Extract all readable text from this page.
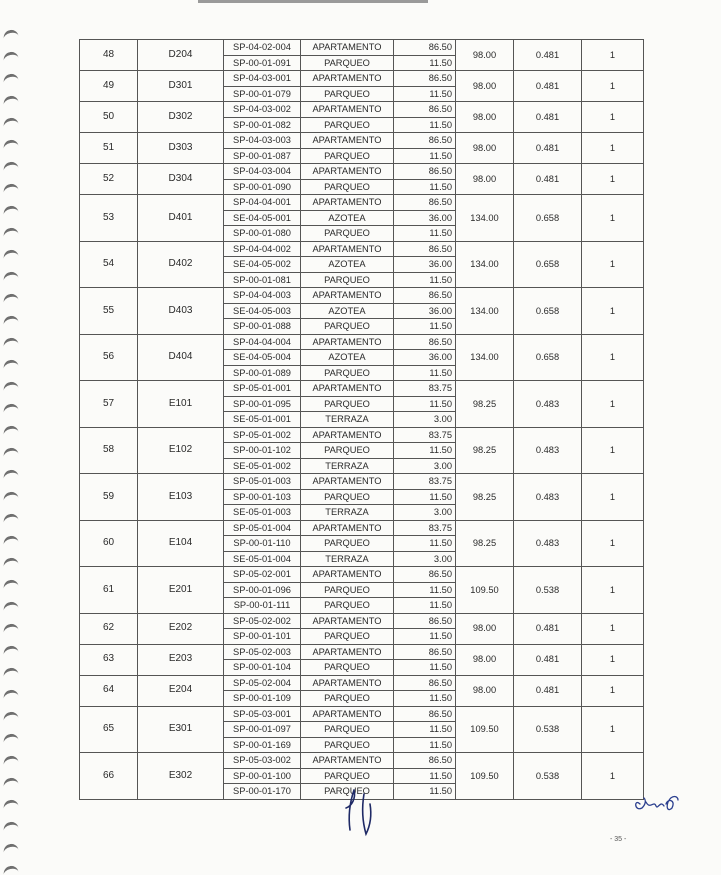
48	D204	SP-04-02-004	APARTAMENTO	86.50	98.00	0.481	1
		SP-00-01-091	PARQUEO	11.50			
49	D301	SP-04-03-001	APARTAMENTO	86.50	98.00	0.481	1
		SP-00-01-079	PARQUEO	11.50			
50	D302	SP-04-03-002	APARTAMENTO	86.50	98.00	0.481	1
		SP-00-01-082	PARQUEO	11.50			
51	D303	SP-04-03-003	APARTAMENTO	86.50	98.00	0.481	1
		SP-00-01-087	PARQUEO	11.50			
52	D304	SP-04-03-004	APARTAMENTO	86.50	98.00	0.481	1
		SP-00-01-090	PARQUEO	11.50			
53	D401	SP-04-04-001	APARTAMENTO	86.50	134.00	0.658	1
		SE-04-05-001	AZOTEA	36.00			
		SP-00-01-080	PARQUEO	11.50			
54	D402	SP-04-04-002	APARTAMENTO	86.50	134.00	0.658	1
		SE-04-05-002	AZOTEA	36.00			
		SP-00-01-081	PARQUEO	11.50			
55	D403	SP-04-04-003	APARTAMENTO	86.50	134.00	0.658	1
		SE-04-05-003	AZOTEA	36.00			
		SP-00-01-088	PARQUEO	11.50			
56	D404	SP-04-04-004	APARTAMENTO	86.50	134.00	0.658	1
		SE-04-05-004	AZOTEA	36.00			
		SP-00-01-089	PARQUEO	11.50			
57	E101	SP-05-01-001	APARTAMENTO	83.75	98.25	0.483	1
		SP-00-01-095	PARQUEO	11.50			
		SE-05-01-001	TERRAZA	3.00			
58	E102	SP-05-01-002	APARTAMENTO	83.75	98.25	0.483	1
		SP-00-01-102	PARQUEO	11.50			
		SE-05-01-002	TERRAZA	3.00			
59	E103	SP-05-01-003	APARTAMENTO	83.75	98.25	0.483	1
		SP-00-01-103	PARQUEO	11.50			
		SE-05-01-003	TERRAZA	3.00			
60	E104	SP-05-01-004	APARTAMENTO	83.75	98.25	0.483	1
		SP-00-01-110	PARQUEO	11.50			
		SE-05-01-004	TERRAZA	3.00			
61	E201	SP-05-02-001	APARTAMENTO	86.50	109.50	0.538	1
		SP-00-01-096	PARQUEO	11.50			
		SP-00-01-111	PARQUEO	11.50			
62	E202	SP-05-02-002	APARTAMENTO	86.50	98.00	0.481	1
		SP-00-01-101	PARQUEO	11.50			
63	E203	SP-05-02-003	APARTAMENTO	86.50	98.00	0.481	1
		SP-00-01-104	PARQUEO	11.50			
64	E204	SP-05-02-004	APARTAMENTO	86.50	98.00	0.481	1
		SP-00-01-109	PARQUEO	11.50			
65	E301	SP-05-03-001	APARTAMENTO	86.50	109.50	0.538	1
		SP-00-01-097	PARQUEO	11.50			
		SP-00-01-169	PARQUEO	11.50			
66	E302	SP-05-03-002	APARTAMENTO	86.50	109.50	0.538	1
		SP-00-01-100	PARQUEO	11.50			
		SP-00-01-170	PARQUEO	11.50			
- 35 -
